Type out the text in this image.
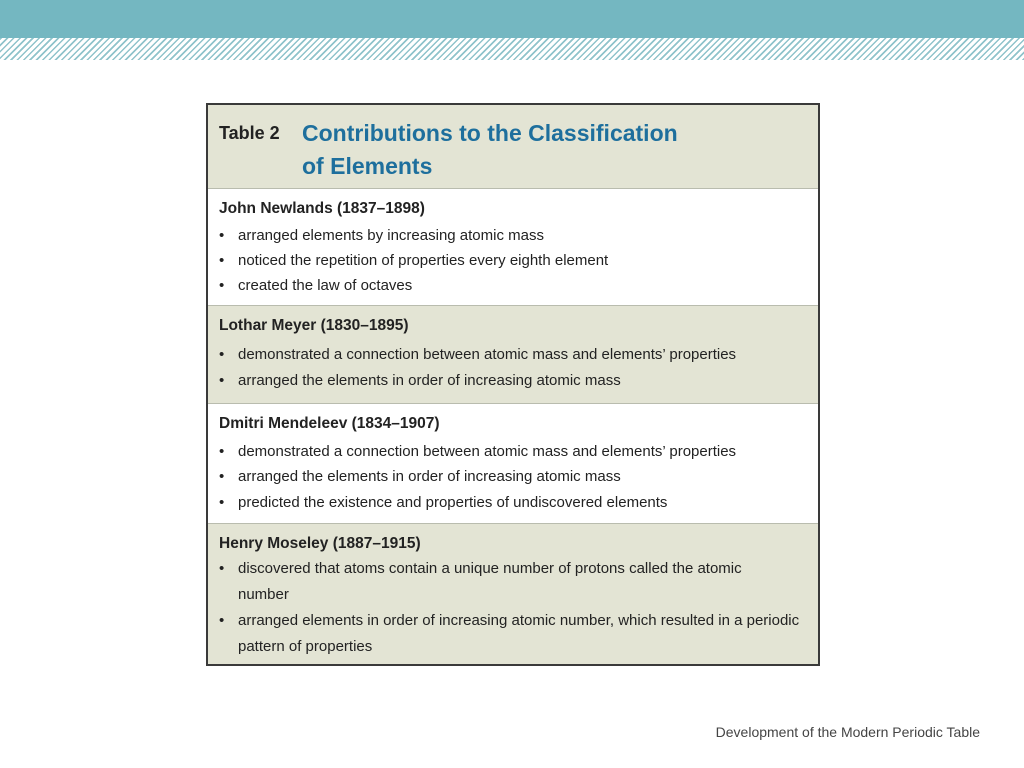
Table 2 Contributions to the Classification of Elements
John Newlands (1837–1898)
• arranged elements by increasing atomic mass
• noticed the repetition of properties every eighth element
• created the law of octaves
Lothar Meyer (1830–1895)
• demonstrated a connection between atomic mass and elements’ properties
• arranged the elements in order of increasing atomic mass
Dmitri Mendeleev (1834–1907)
• demonstrated a connection between atomic mass and elements’ properties
• arranged the elements in order of increasing atomic mass
• predicted the existence and properties of undiscovered elements
Henry Moseley (1887–1915)
• discovered that atoms contain a unique number of protons called the atomic number
• arranged elements in order of increasing atomic number, which resulted in a periodic pattern of properties
Development of the Modern Periodic Table
